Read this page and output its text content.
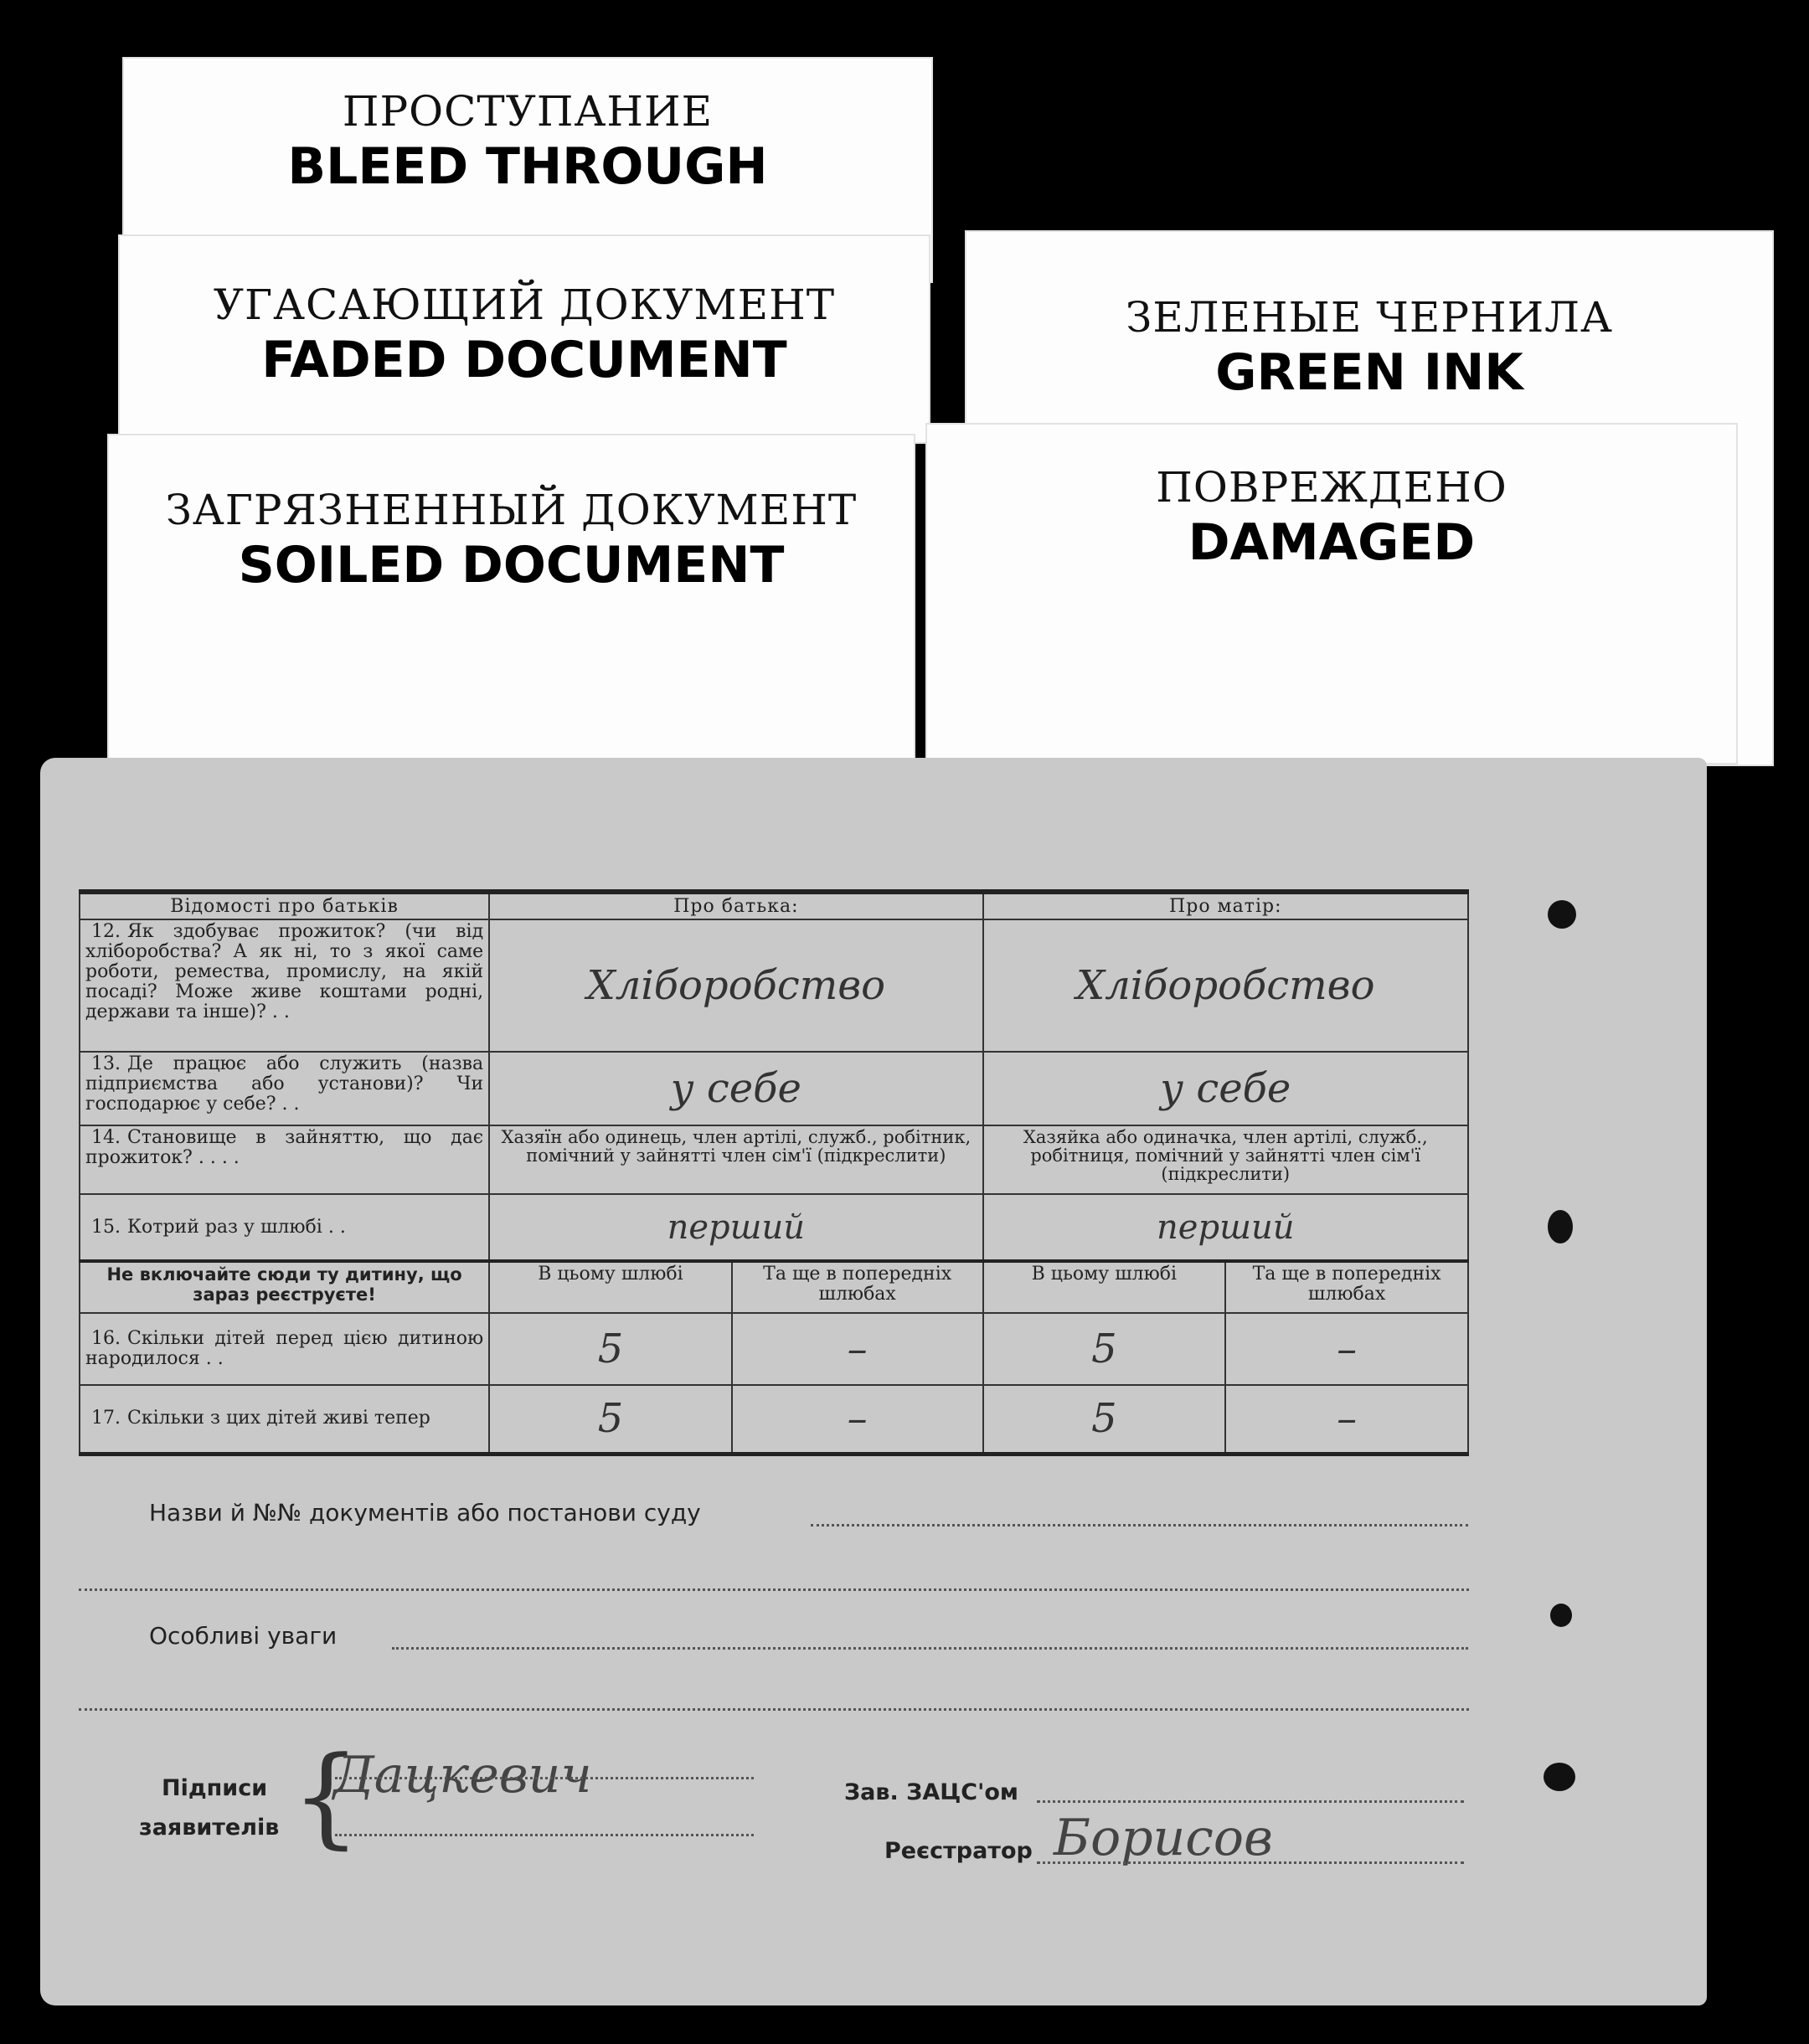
ПРОСТУПАНИЕ
BLEED THROUGH
УГАСАЮЩИЙ ДОКУМЕНТ
FADED DOCUMENT
ЗАГРЯЗНЕННЫЙ ДОКУМЕНТ
SOILED DOCUMENT
ЗЕЛЕНЫЕ ЧЕРНИЛА
GREEN INK
ПОВРЕЖДЕНО
DAMAGED
Відомості про батьків	Про батька:		Про матір:	
12. Як здобуває прожиток? (чи від хліборобства? А як ні, то з якої саме роботи, ремества, промислу, на якій посаді? Може живе коштами родні, держави та інше)? . .	Хліборобство		Хліборобство	
13. Де працює або служить (назва підприємства або установи)? Чи господарює у себе? . .	у себе		у себе	
14. Становище в зайняттю, що дає прожиток? . . . .	Хазяїн або одинець, член артілі, служб., робітник, помічний у зайнятті член сім'ї (підкреслити)		Хазяйка або одиначка, член артілі, служб., робітниця, помічний у зайнятті член сім'ї (підкреслити)	
15. Котрий раз у шлюбі . .	перший		перший	
Не включайте сюди ту дитину, що зараз реєструєте!	В цьому шлюбі	Та ще в попередніх шлюбах	В цьому шлюбі	Та ще в попередніх шлюбах
16. Скільки дітей перед цією дитиною народилося . .	5	–	5	–
17. Скільки з цих дітей живі тепер	5	–	5	–
Назви й №№ документів або постанови суду
Особливі уваги
Підписи
заявителів {
Дацкевич	Зав. ЗАЦС'ом
Реєстратор Борисов
